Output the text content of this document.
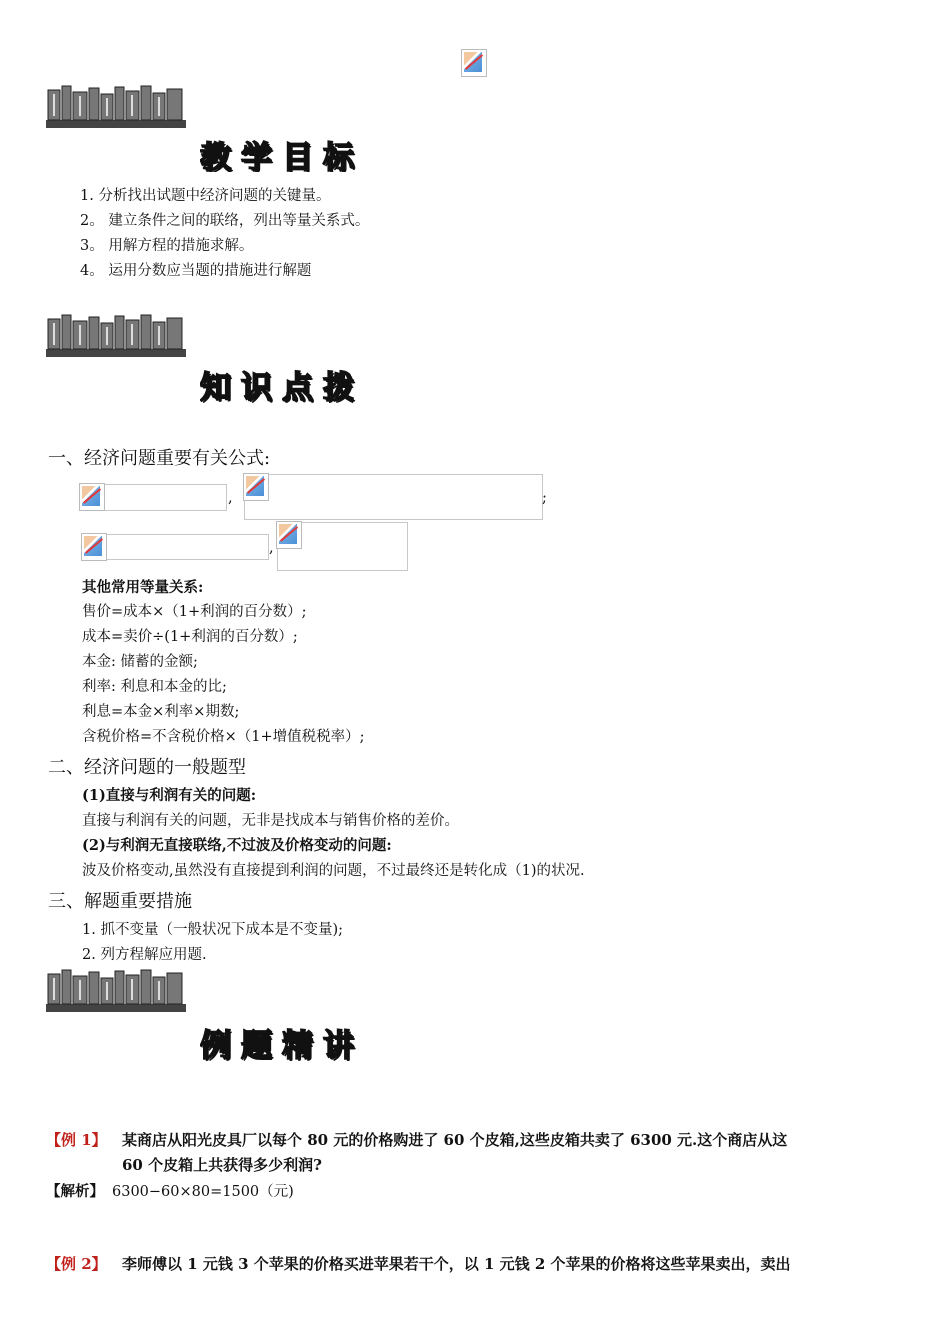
教学目标
1. 分析找出试题中经济问题的关键量。
2。 建立条件之间的联络，列出等量关系式。
3。 用解方程的措施求解。
4。 运用分数应当题的措施进行解题
知识点拨
一、经济问题重要有关公式:
,	;
,
其他常用等量关系:
售价=成本×（1+利润的百分数）;
成本=卖价÷(1+利润的百分数）;
本金: 储蓄的金额;
利率: 利息和本金的比;
利息=本金×利率×期数;
含税价格=不含税价格×（1+增值税税率）;
二、经济问题的一般题型
(1)直接与利润有关的问题:
直接与利润有关的问题，无非是找成本与销售价格的差价。
(2)与利润无直接联络,不过波及价格变动的问题:
波及价格变动,虽然没有直接提到利润的问题，不过最终还是转化成（1)的状况.
三、解题重要措施
1. 抓不变量（一般状况下成本是不变量);
2. 列方程解应用题.
例题精讲
【例 1】 某商店从阳光皮具厂以每个 80 元的价格购进了 60 个皮箱,这些皮箱共卖了 6300 元.这个商店从这
60 个皮箱上共获得多少利润?
【解析】 6300−60×80=1500（元)
【例 2】 李师傅以 1 元钱 3 个苹果的价格买进苹果若干个，以 1 元钱 2 个苹果的价格将这些苹果卖出，卖出
